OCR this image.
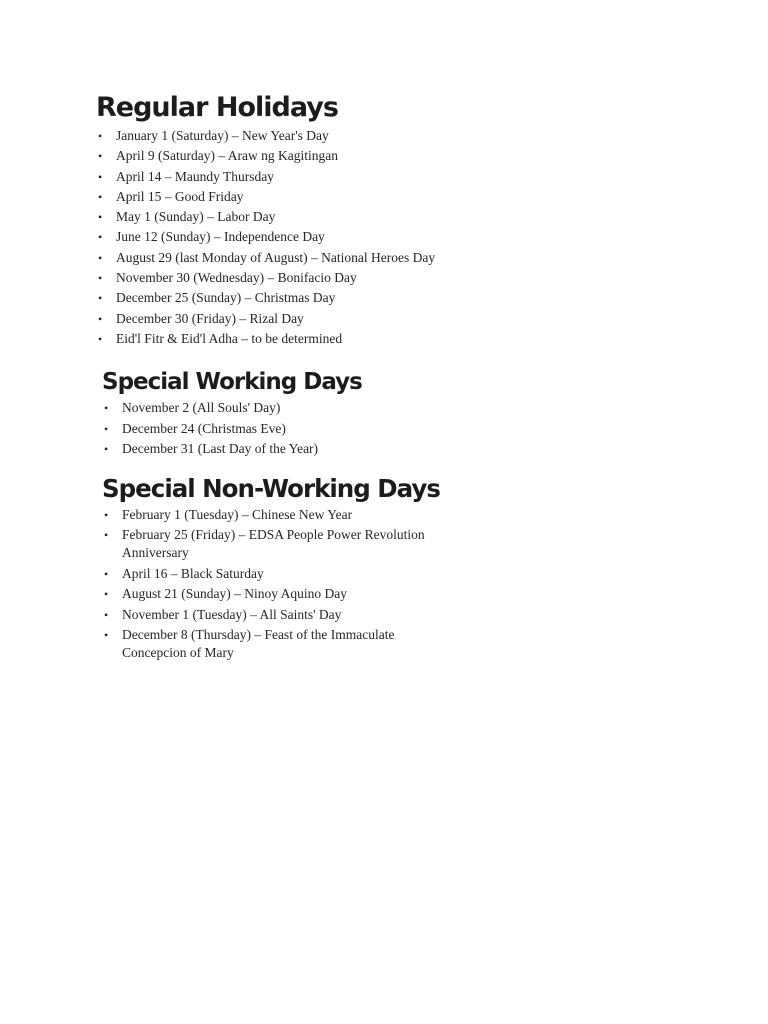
Regular Holidays
• January 1 (Saturday) – New Year's Day
• April 9 (Saturday) – Araw ng Kagitingan
• April 14 – Maundy Thursday
• April 15 – Good Friday
• May 1 (Sunday) – Labor Day
• June 12 (Sunday) – Independence Day
• August 29 (last Monday of August) – National Heroes Day
• November 30 (Wednesday) – Bonifacio Day
• December 25 (Sunday) – Christmas Day
• December 30 (Friday) – Rizal Day
• Eid'l Fitr & Eid'l Adha – to be determined
Special Working Days
• November 2 (All Souls' Day)
• December 24 (Christmas Eve)
• December 31 (Last Day of the Year)
Special Non-Working Days
• February 1 (Tuesday) – Chinese New Year
• February 25 (Friday) – EDSA People Power Revolution Anniversary
• April 16 – Black Saturday
• August 21 (Sunday) – Ninoy Aquino Day
• November 1 (Tuesday) – All Saints' Day
• December 8 (Thursday) – Feast of the Immaculate Concepcion of Mary
